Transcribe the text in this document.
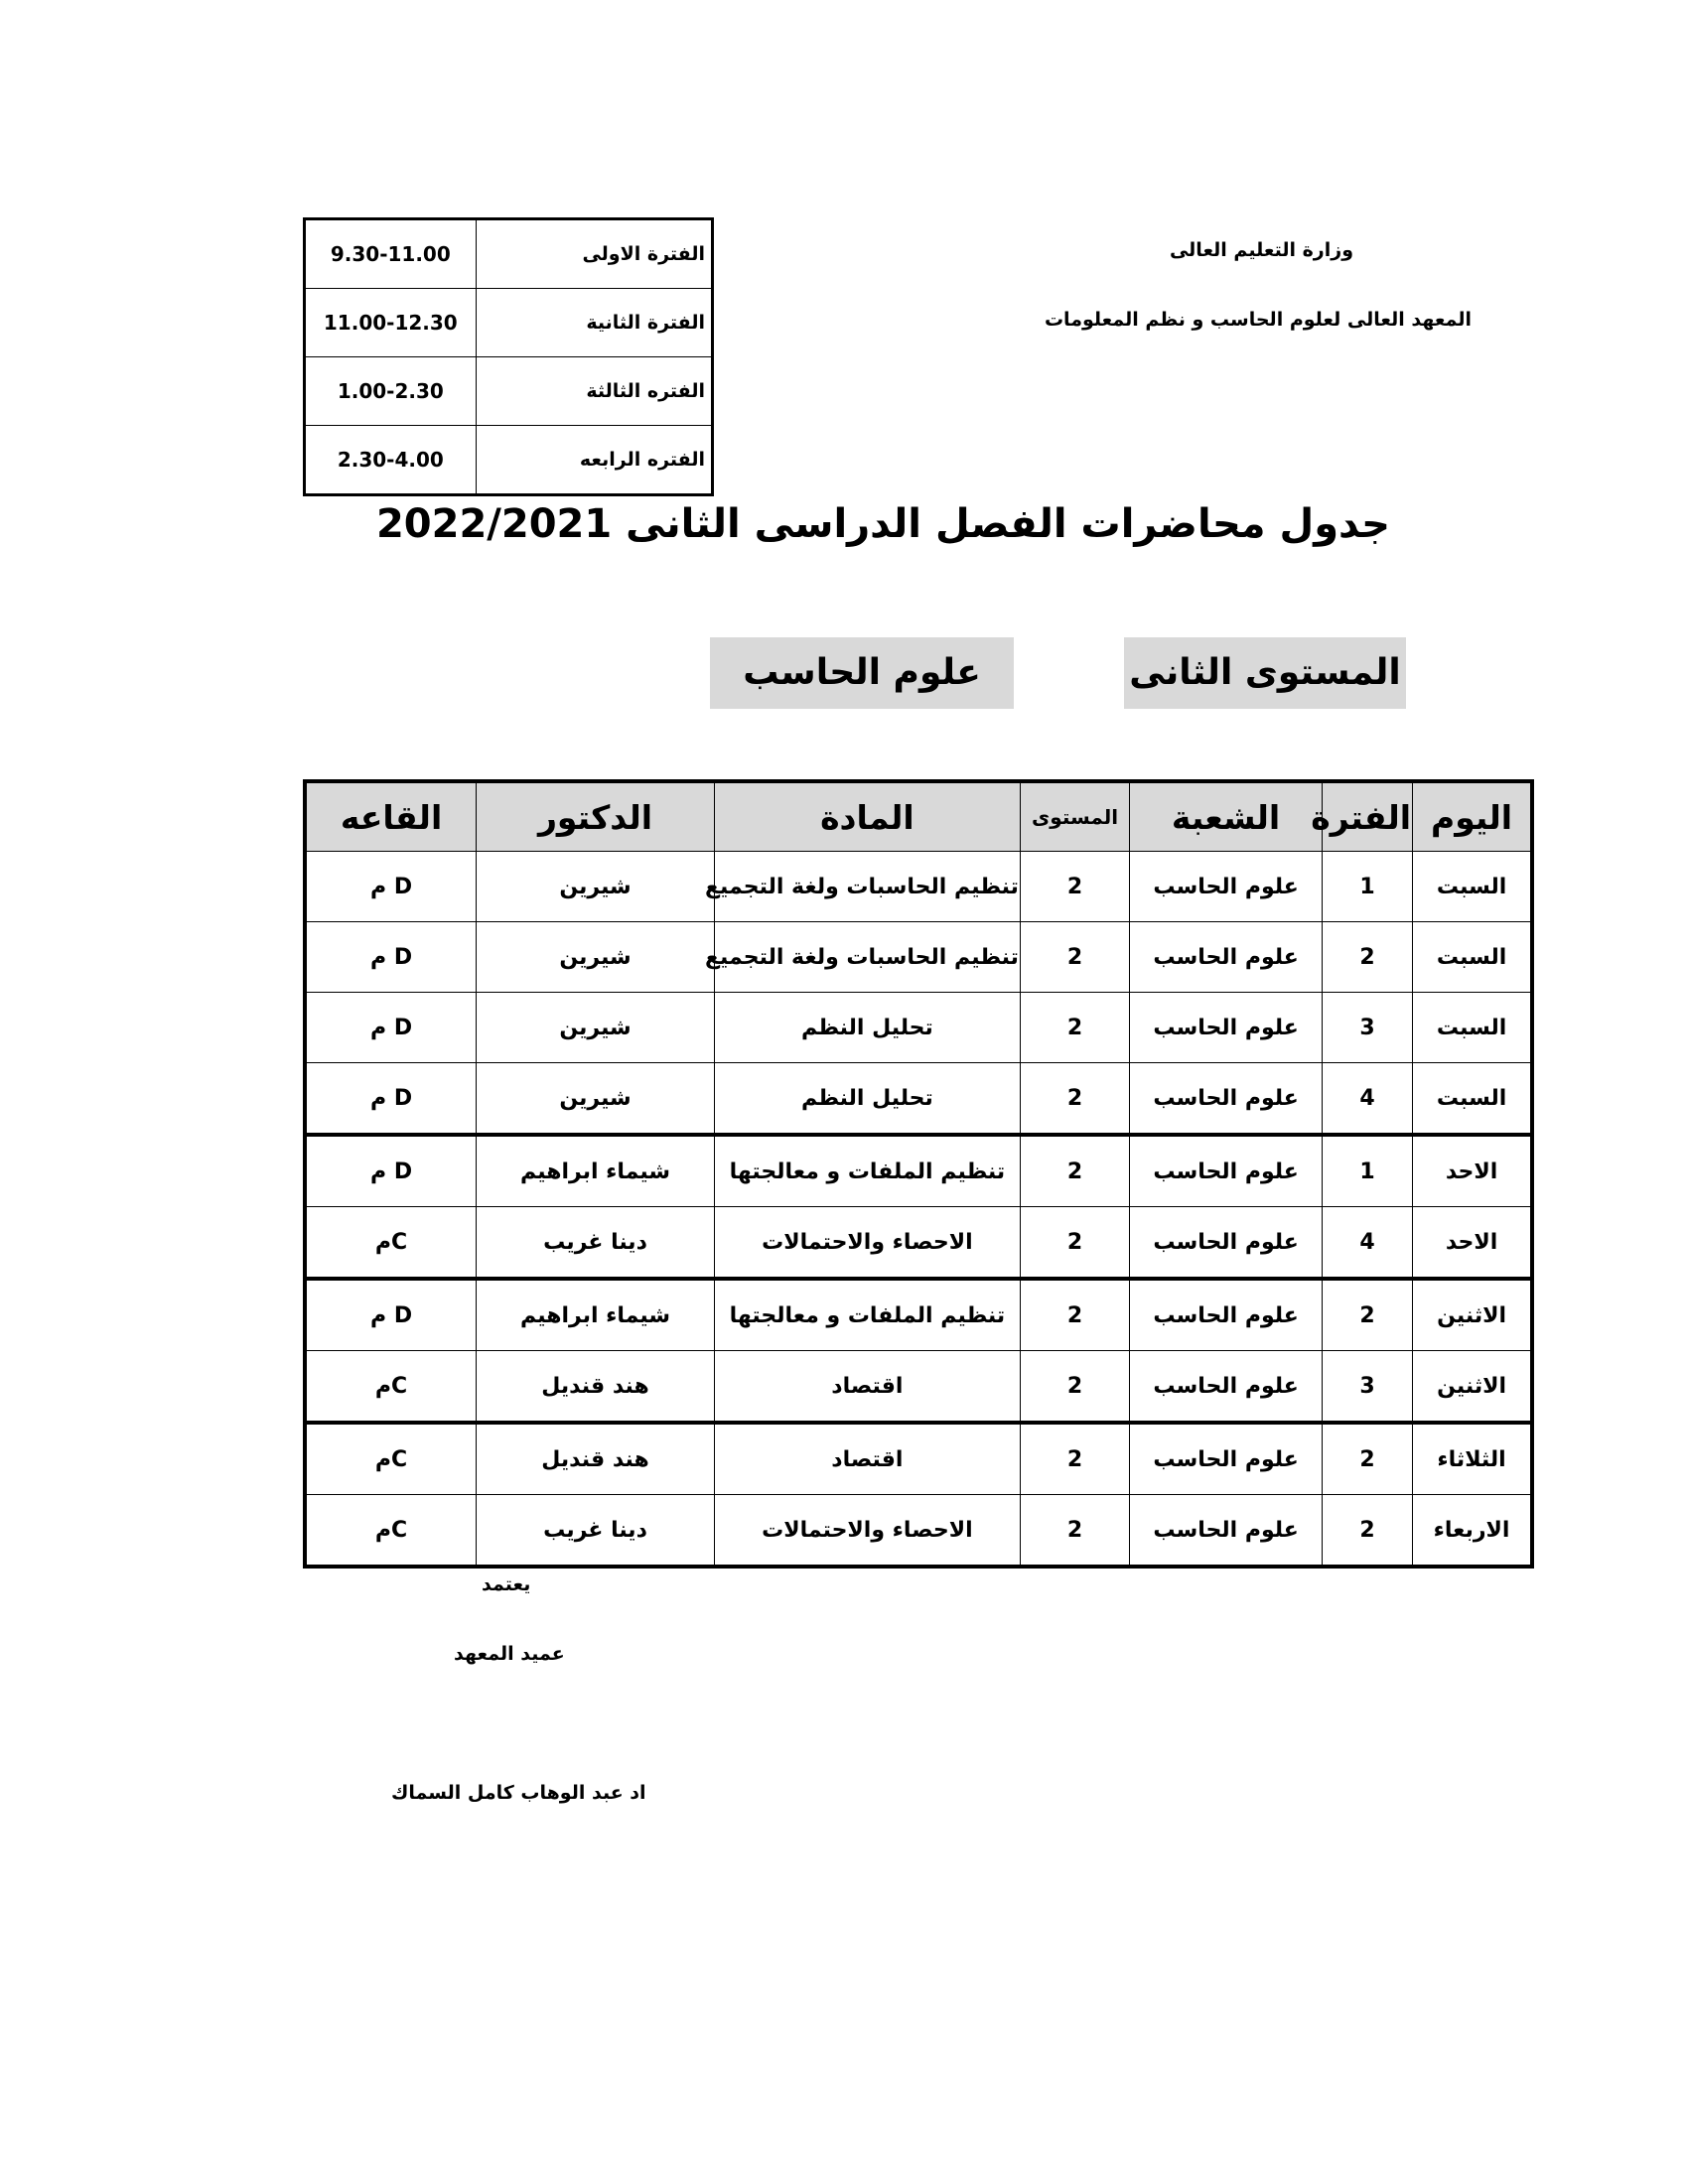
وزارة التعليم العالى
المعهد العالى لعلوم الحاسب و نظم المعلومات
9.30-11.00	الفترة الاولى
11.00-12.30	الفترة الثانية
1.00-2.30	الفتره الثالثة
2.30-4.00	الفتره الرابعه
جدول محاضرات الفصل الدراسى الثانى 2022/2021
المستوى الثانى
علوم الحاسب
اليوم	الفترة	الشعبة	المستوى	المادة	الدكتور	القاعه
السبت	1	علوم الحاسب	2	تنظيم الحاسبات ولغة التجميع	شيرين	م D
السبت	2	علوم الحاسب	2	تنظيم الحاسبات ولغة التجميع	شيرين	م D
السبت	3	علوم الحاسب	2	تحليل النظم	شيرين	م D
السبت	4	علوم الحاسب	2	تحليل النظم	شيرين	م D
الاحد	1	علوم الحاسب	2	تنظيم الملفات و معالجتها	شيماء ابراهيم	م D
الاحد	4	علوم الحاسب	2	الاحصاء والاحتمالات	دينا غريب	مC
الاثنين	2	علوم الحاسب	2	تنظيم الملفات و معالجتها	شيماء ابراهيم	م D
الاثنين	3	علوم الحاسب	2	اقتصاد	هند قنديل	مC
الثلاثاء	2	علوم الحاسب	2	اقتصاد	هند قنديل	مC
الاربعاء	2	علوم الحاسب	2	الاحصاء والاحتمالات	دينا غريب	مC
يعتمد
عميد المعهد
اد عبد الوهاب كامل السماك
